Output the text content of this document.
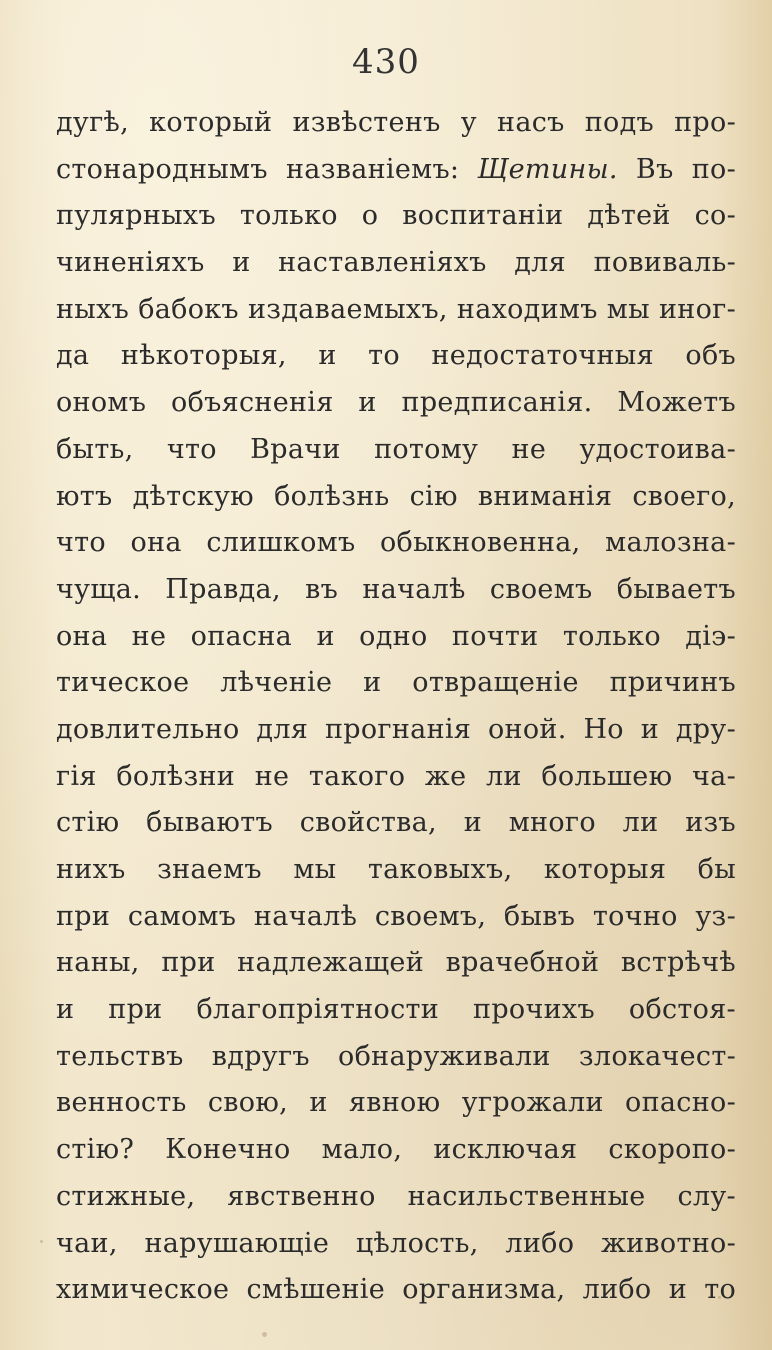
430
дугѣ, который извѣстенъ у насъ подъ про-
стонароднымъ названіемъ: Щетины. Въ по-
пулярныхъ только о воспитаніи дѣтей со-
чиненіяхъ и наставленіяхъ для повиваль-
ныхъ бабокъ издаваемыхъ, находимъ мы иног-
да нѣкоторыя, и то недостаточныя объ
ономъ объясненія и предписанія. Можетъ
быть, что Врачи потому не удостоива-
ютъ дѣтскую болѣзнь сію вниманія своего,
что она слишкомъ обыкновенна, малозна-
чуща. Правда, въ началѣ своемъ бываетъ
она не опасна и одно почти только діэ-
тическое лѣченіе и отвращеніе причинъ
довлительно для прогнанія оной. Но и дру-
гія болѣзни не такого же ли большею ча-
стію бываютъ свойства, и много ли изъ
нихъ знаемъ мы таковыхъ, которыя бы
при самомъ началѣ своемъ, бывъ точно уз-
наны, при надлежащей врачебной встрѣчѣ
и при благопріятности прочихъ обстоя-
тельствъ вдругъ обнаруживали злокачест-
венность свою, и явною угрожали опасно-
стію? Конечно мало, исключая скоропо-
стижные, явственно насильственные слу-
чаи, нарушающіе цѣлость, либо животно-
химическое смѣшеніе организма, либо и то
